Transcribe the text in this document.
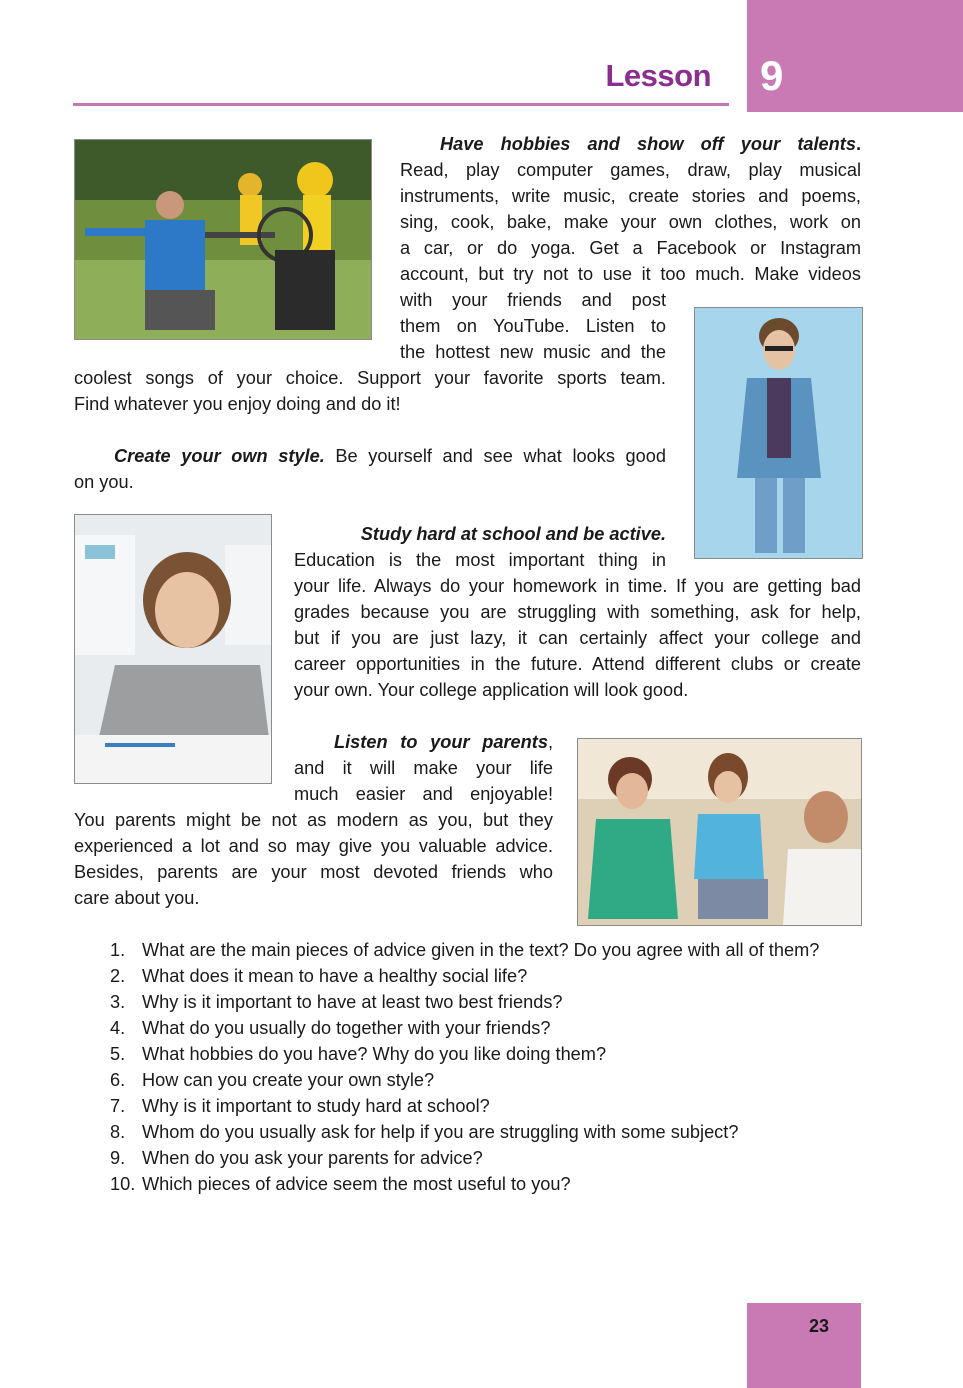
Lesson 9
Have hobbies and show off your talents.
Read, play computer games, draw, play musical
instruments, write music, create stories and poems,
sing, cook, bake, make your own clothes, work on
a car, or do yoga. Get a Facebook or Instagram
account, but try not to use it too much. Make videos
with your friends and post
them on YouTube. Listen to
the hottest new music and the
coolest songs of your choice. Support your favorite sports team.
Find whatever you enjoy doing and do it!
Create your own style. Be yourself and see what looks good
on you.
Study hard at school and be active.
Education is the most important thing in
your life. Always do your homework in time. If you are getting bad
grades because you are struggling with something, ask for help,
but if you are just lazy, it can certainly affect your college and
career opportunities in the future. Attend different clubs or create
your own. Your college application will look good.
Listen to your parents,
and it will make your life
much easier and enjoyable!
You parents might be not as modern as you, but they
experienced a lot and so may give you valuable advice.
Besides, parents are your most devoted friends who
care about you.
1. What are the main pieces of advice given in the text? Do you agree with all of them?
2. What does it mean to have a healthy social life?
3. Why is it important to have at least two best friends?
4. What do you usually do together with your friends?
5. What hobbies do you have? Why do you like doing them?
6. How can you create your own style?
7. Why is it important to study hard at school?
8. Whom do you usually ask for help if you are struggling with some subject?
9. When do you ask your parents for advice?
10. Which pieces of advice seem the most useful to you?
23
